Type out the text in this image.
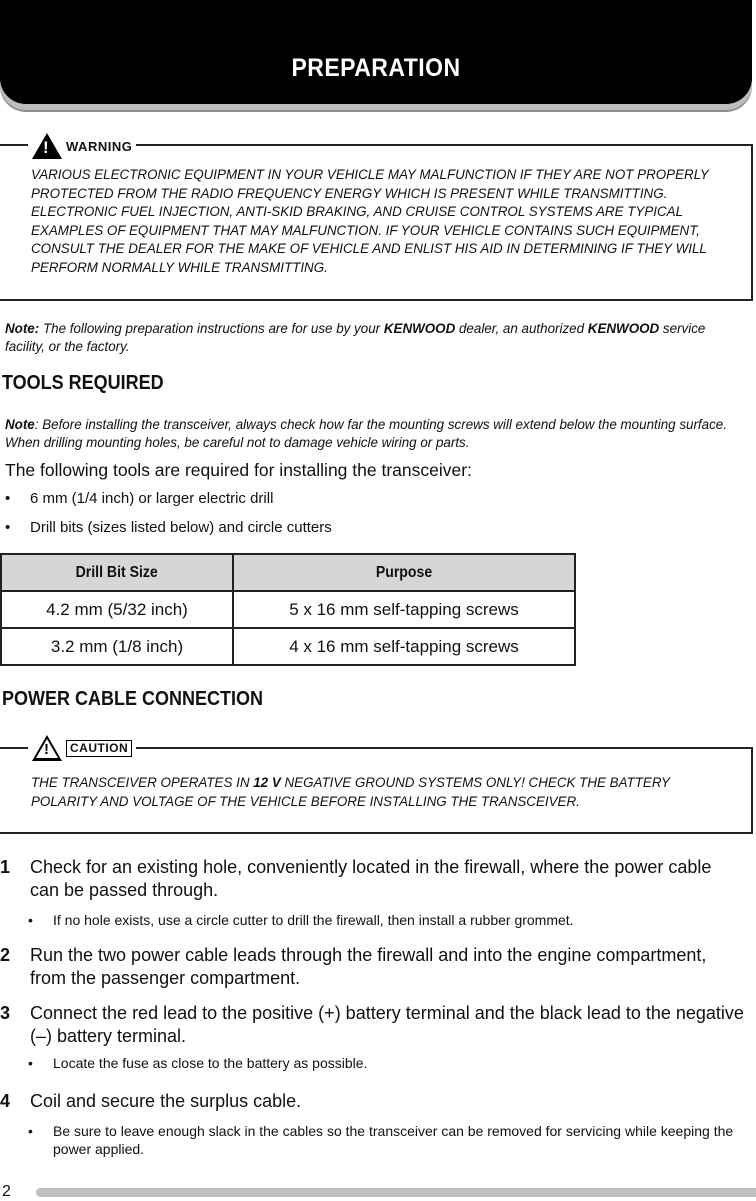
PREPARATION
! WARNING
VARIOUS ELECTRONIC EQUIPMENT IN YOUR VEHICLE MAY MALFUNCTION IF THEY ARE NOT PROPERLY PROTECTED FROM THE RADIO FREQUENCY ENERGY WHICH IS PRESENT WHILE TRANSMITTING. ELECTRONIC FUEL INJECTION, ANTI-SKID BRAKING, AND CRUISE CONTROL SYSTEMS ARE TYPICAL EXAMPLES OF EQUIPMENT THAT MAY MALFUNCTION. IF YOUR VEHICLE CONTAINS SUCH EQUIPMENT, CONSULT THE DEALER FOR THE MAKE OF VEHICLE AND ENLIST HIS AID IN DETERMINING IF THEY WILL PERFORM NORMALLY WHILE TRANSMITTING.
Note: The following preparation instructions are for use by your KENWOOD dealer, an authorized KENWOOD service facility, or the factory.
TOOLS REQUIRED
Note: Before installing the transceiver, always check how far the mounting screws will extend below the mounting surface. When drilling mounting holes, be careful not to damage vehicle wiring or parts.
The following tools are required for installing the transceiver:
• 6 mm (1/4 inch) or larger electric drill
• Drill bits (sizes listed below) and circle cutters
Drill Bit Size	Purpose
4.2 mm (5/32 inch)	5 x 16 mm self-tapping screws
3.2 mm (1/8 inch)	4 x 16 mm self-tapping screws
POWER CABLE CONNECTION
!	CAUTION
THE TRANSCEIVER OPERATES IN 12 V NEGATIVE GROUND SYSTEMS ONLY! CHECK THE BATTERY POLARITY AND VOLTAGE OF THE VEHICLE BEFORE INSTALLING THE TRANSCEIVER.
1 Check for an existing hole, conveniently located in the firewall, where the power cable can be passed through.
• If no hole exists, use a circle cutter to drill the firewall, then install a rubber grommet.
2 Run the two power cable leads through the firewall and into the engine compartment, from the passenger compartment.
3 Connect the red lead to the positive (+) battery terminal and the black lead to the negative (–) battery terminal.
• Locate the fuse as close to the battery as possible.
4 Coil and secure the surplus cable.
• Be sure to leave enough slack in the cables so the transceiver can be removed for servicing while keeping the power applied.
2
